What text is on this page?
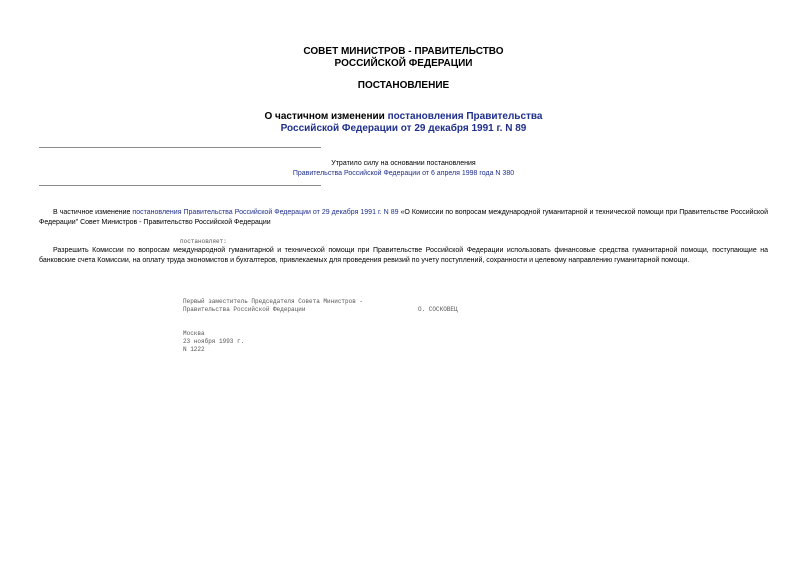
СОВЕТ МИНИСТРОВ - ПРАВИТЕЛЬСТВО
РОССИЙСКОЙ ФЕДЕРАЦИИ
ПОСТАНОВЛЕНИЕ
О частичном изменении постановления Правительства
Российской Федерации от 29 декабря 1991 г. N 89
Утратило силу на основании постановления
Правительства Российской Федерации от 6 апреля 1998 года N 380
В частичное изменение постановления Правительства Российской Федерации от 29 декабря 1991 г. N 89 «О Комиссии по вопросам международной гуманитарной и технической помощи при Правительстве Российской Федерации" Совет Министров - Правительство Российской Федерации
постановляет:
Разрешить Комиссии по вопросам международной гуманитарной и технической помощи при Правительстве Российской Федерации использовать финансовые средства гуманитарной помощи, поступающие на банковские счета Комиссии, на оплату труда экономистов и бухгалтеров, привлекаемых для проведения ревизий по учету поступлений, сохранности и целевому направлению гуманитарной помощи.
Первый заместитель Председателя Совета Министров -
Правительства Российской Федерации	О. СОСКОВЕЦ
Москва
23 ноября 1993 г.
N 1222
